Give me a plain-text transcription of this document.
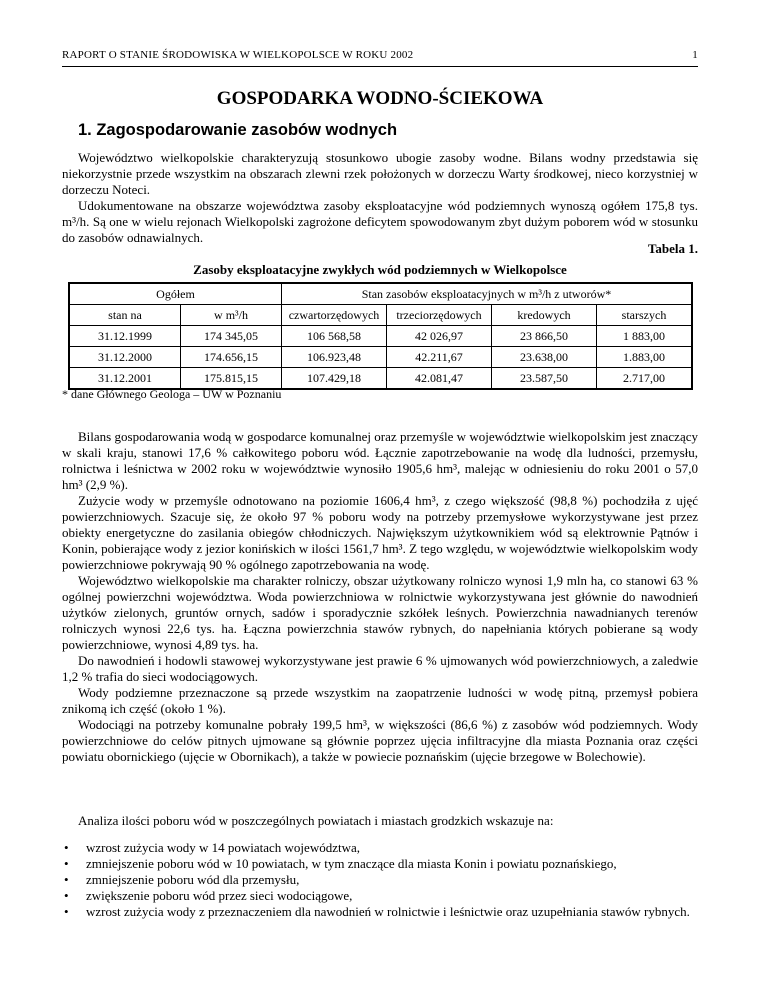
RAPORT O STANIE ŚRODOWISKA W WIELKOPOLSCE W ROKU 2002	1
GOSPODARKA WODNO-ŚCIEKOWA
1. Zagospodarowanie zasobów wodnych

Województwo wielkopolskie charakteryzują stosunkowo ubogie zasoby wodne. Bilans wodny przedstawia się niekorzystnie przede wszystkim na obszarach zlewni rzek położonych w dorzeczu Warty środkowej, nieco korzystniej w dorzeczu Noteci.

Udokumentowane na obszarze województwa zasoby eksploatacyjne wód podziemnych wynoszą ogółem 175,8 tys. m³/h. Są one w wielu rejonach Wielkopolski zagrożone deficytem spowodowanym zbyt dużym poborem wód w stosunku do zasobów odnawialnych.

Tabela 1.
Zasoby eksploatacyjne zwykłych wód podziemnych w Wielkopolsce
Ogółem		Stan zasobów eksploatacyjnych w m³/h z utworów*			
stan na	w m³/h	czwartorzędowych	trzeciorzędowych	kredowych	starszych
31.12.1999	174 345,05	106 568,58	42 026,97	23 866,50	1 883,00
31.12.2000	174.656,15	106.923,48	42.211,67	23.638,00	1.883,00
31.12.2001	175.815,15	107.429,18	42.081,47	23.587,50	2.717,00
* dane Głównego Geologa – UW w Poznaniu

Bilans gospodarowania wodą w gospodarce komunalnej oraz przemyśle w województwie wielkopolskim jest znaczący w skali kraju, stanowi 17,6 % całkowitego poboru wód. Łącznie zapotrzebowanie na wodę dla ludności, przemysłu, rolnictwa i leśnictwa w 2002 roku w województwie wynosiło 1905,6 hm³, malejąc w odniesieniu do roku 2001 o 57,0 hm³ (2,9 %).

Zużycie wody w przemyśle odnotowano na poziomie 1606,4 hm³, z czego większość (98,8 %) pochodziła z ujęć powierzchniowych. Szacuje się, że około 97 % poboru wody na potrzeby przemysłowe wykorzystywane jest przez obiekty energetyczne do zasilania obiegów chłodniczych. Największym użytkownikiem wód są elektrownie Pątnów i Konin, pobierające wody z jezior konińskich w ilości 1561,7 hm³. Z tego względu, w województwie wielkopolskim wody powierzchniowe pokrywają 90 % ogólnego zapotrzebowania na wodę.

Województwo wielkopolskie ma charakter rolniczy, obszar użytkowany rolniczo wynosi 1,9 mln ha, co stanowi 63 % ogólnej powierzchni województwa. Woda powierzchniowa w rolnictwie wykorzystywana jest głównie do nawodnień użytków zielonych, gruntów ornych, sadów i sporadycznie szkółek leśnych. Powierzchnia nawadnianych terenów rolniczych wynosi 22,6 tys. ha. Łączna powierzchnia stawów rybnych, do napełniania których pobierane są wody powierzchniowe, wynosi 4,89 tys. ha.

Do nawodnień i hodowli stawowej wykorzystywane jest prawie 6 % ujmowanych wód powierzchniowych, a zaledwie 1,2 % trafia do sieci wodociągowych.

Wody podziemne przeznaczone są przede wszystkim na zaopatrzenie ludności w wodę pitną, przemysł pobiera znikomą ich część (około 1 %).

Wodociągi na potrzeby komunalne pobrały 199,5 hm³, w większości (86,6 %) z zasobów wód podziemnych. Wody powierzchniowe do celów pitnych ujmowane są głównie poprzez ujęcia infiltracyjne dla miasta Poznania oraz części powiatu obornickiego (ujęcie w Obornikach), a także w powiecie poznańskim (ujęcie brzegowe w Bolechowie).

Analiza ilości poboru wód w poszczególnych powiatach i miastach grodzkich wskazuje na:

• wzrost zużycia wody w 14 powiatach województwa,
• zmniejszenie poboru wód w 10 powiatach, w tym znaczące dla miasta Konin i powiatu poznańskiego,
• zmniejszenie poboru wód dla przemysłu,
• zwiększenie poboru wód przez sieci wodociągowe,
• wzrost zużycia wody z przeznaczeniem dla nawodnień w rolnictwie i leśnictwie oraz uzupełniania stawów rybnych.
